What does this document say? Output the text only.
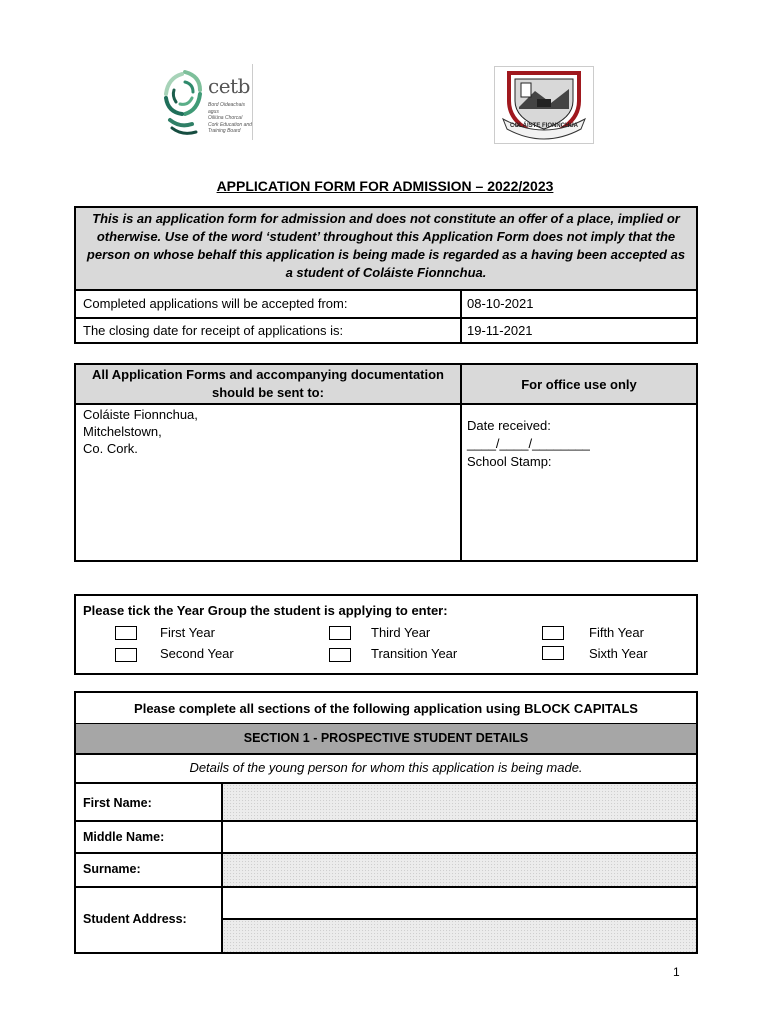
cetb
Bord Oideachais agus
Oiliúna Chorcaí
Cork Education and
Training Board
COLÁISTE FIONNCHUA
APPLICATION FORM FOR ADMISSION – 2022/2023
This is an application form for admission and does not constitute an offer of a place, implied or otherwise. Use of the word ‘student’ throughout this Application Form does not imply that the person on whose behalf this application is being made is regarded as a having been accepted as a student of Coláiste Fionnchua.
Completed applications will be accepted from:	08-10-2021
The closing date for receipt of applications is:	19-11-2021
All Application Forms and accompanying documentation should be sent to:
For office use only
Coláiste Fionnchua,
Mitchelstown,
Co. Cork.
Date received:
____/____/________
School Stamp:
Please tick the Year Group the student is applying to enter:
First Year
Second Year
Third Year
Transition Year
Fifth Year
Sixth Year
Please complete all sections of the following application using BLOCK CAPITALS
SECTION 1 - PROSPECTIVE STUDENT DETAILS
Details of the young person for whom this application is being made.
First Name:
Middle Name:
Surname:
Student Address:
1
